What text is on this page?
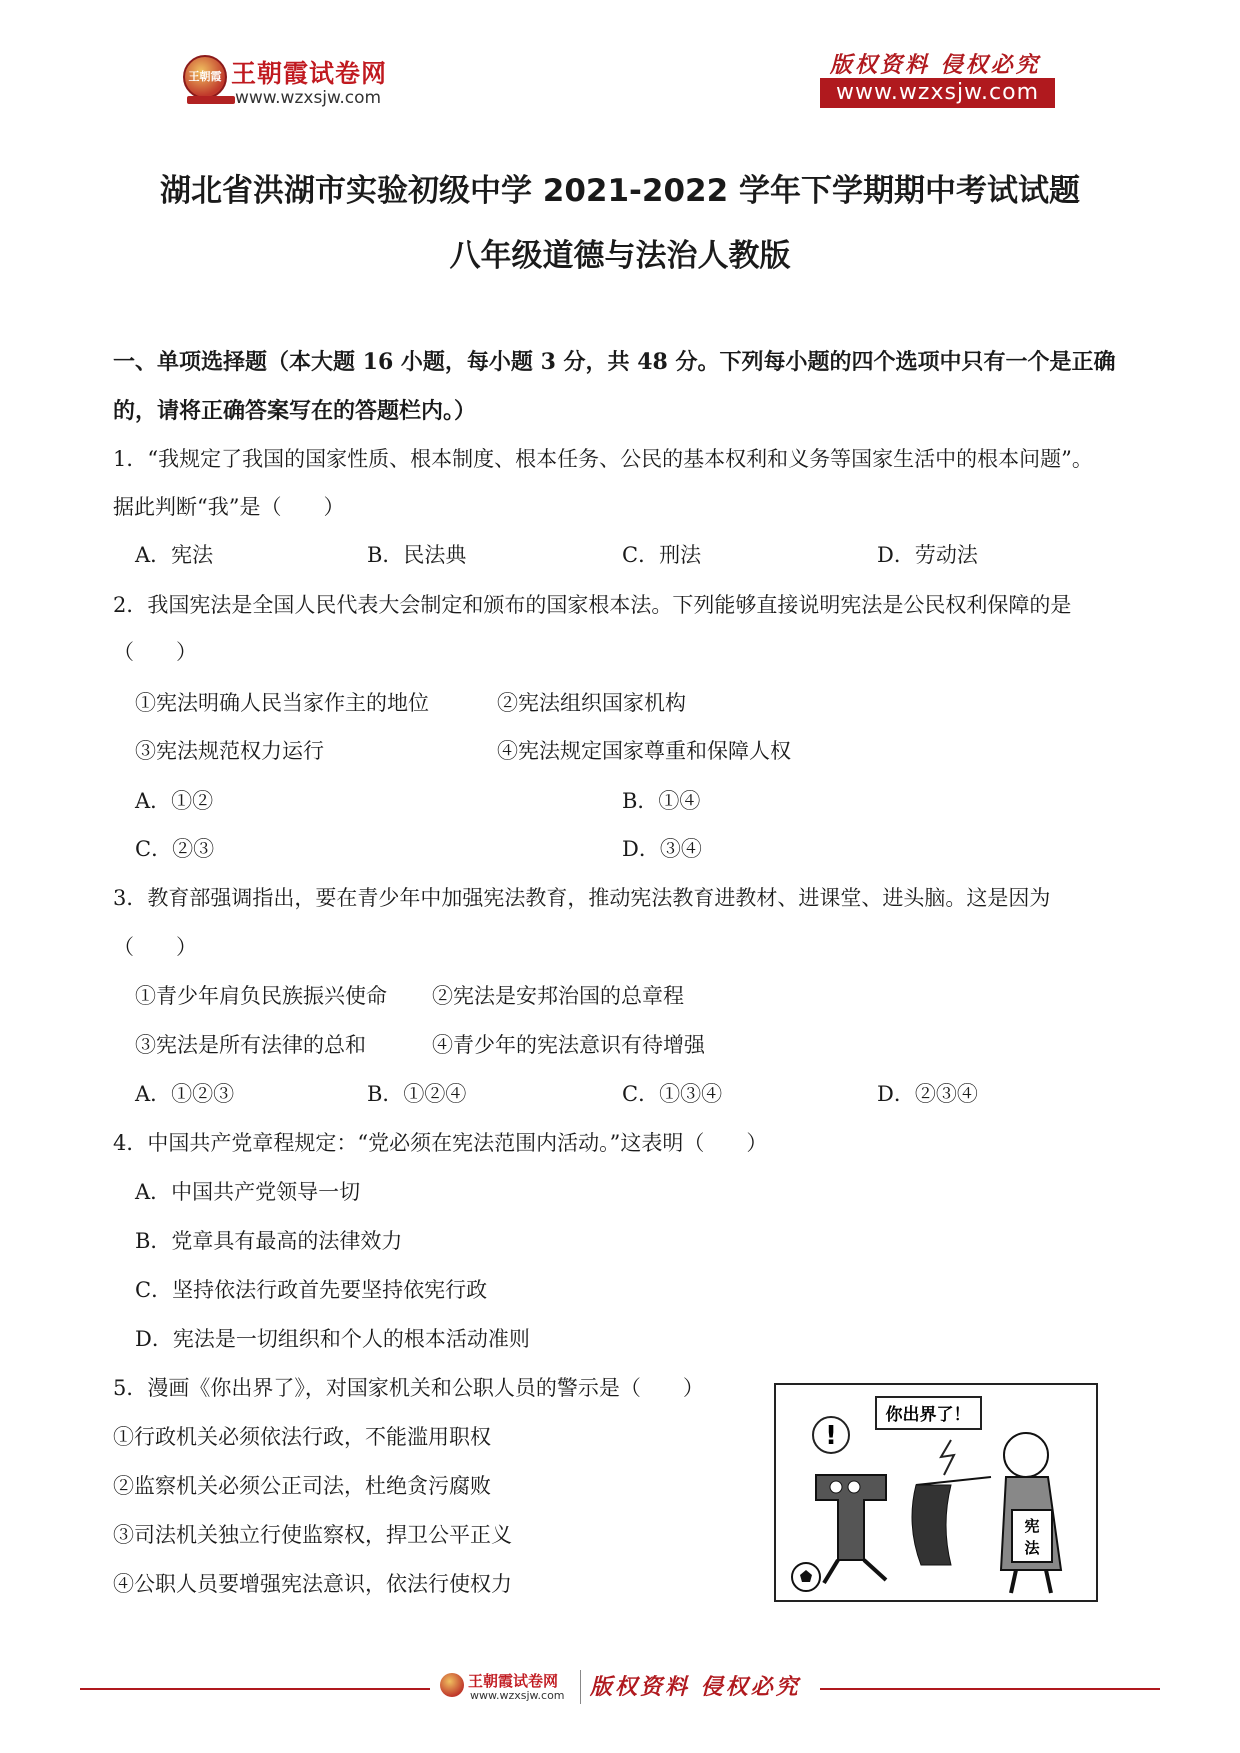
王朝霞 王朝霞试卷网
www.wzxsjw.com
版权资料 侵权必究
www.wzxsjw.com
湖北省洪湖市实验初级中学 2021-2022 学年下学期期中考试试题
八年级道德与法治人教版
一、单项选择题（本大题 16 小题，每小题 3 分，共 48 分。下列每小题的四个选项中只有一个是正确的，请将正确答案写在的答题栏内。）
1．“我规定了我国的国家性质、根本制度、根本任务、公民的基本权利和义务等国家生活中的根本问题”。
据此判断“我”是（　　）
A．宪法	B．民法典	C．刑法	D．劳动法
2．我国宪法是全国人民代表大会制定和颁布的国家根本法。下列能够直接说明宪法是公民权利保障的是
（　　）
①宪法明确人民当家作主的地位	②宪法组织国家机构
③宪法规范权力运行	④宪法规定国家尊重和保障人权
A．①②	B．①④
C．②③	D．③④
3．教育部强调指出，要在青少年中加强宪法教育，推动宪法教育进教材、进课堂、进头脑。这是因为
（　　）
①青少年肩负民族振兴使命 ②宪法是安邦治国的总章程
③宪法是所有法律的总和	④青少年的宪法意识有待增强
A．①②③	B．①②④	C．①③④	D．②③④
4．中国共产党章程规定：“党必须在宪法范围内活动。”这表明（　　）
A．中国共产党领导一切
B．党章具有最高的法律效力
C．坚持依法行政首先要坚持依宪行政
D．宪法是一切组织和个人的根本活动准则
5．漫画《你出界了》，对国家机关和公职人员的警示是（　　）
①行政机关必须依法行政，不能滥用职权
②监察机关必须公正司法，杜绝贪污腐败
③司法机关独立行使监察权，捍卫公平正义
④公职人员要增强宪法意识，依法行使权力
你出界了！
!
宪
法
王朝霞试卷网
www.wzxsjw.com 版权资料 侵权必究
